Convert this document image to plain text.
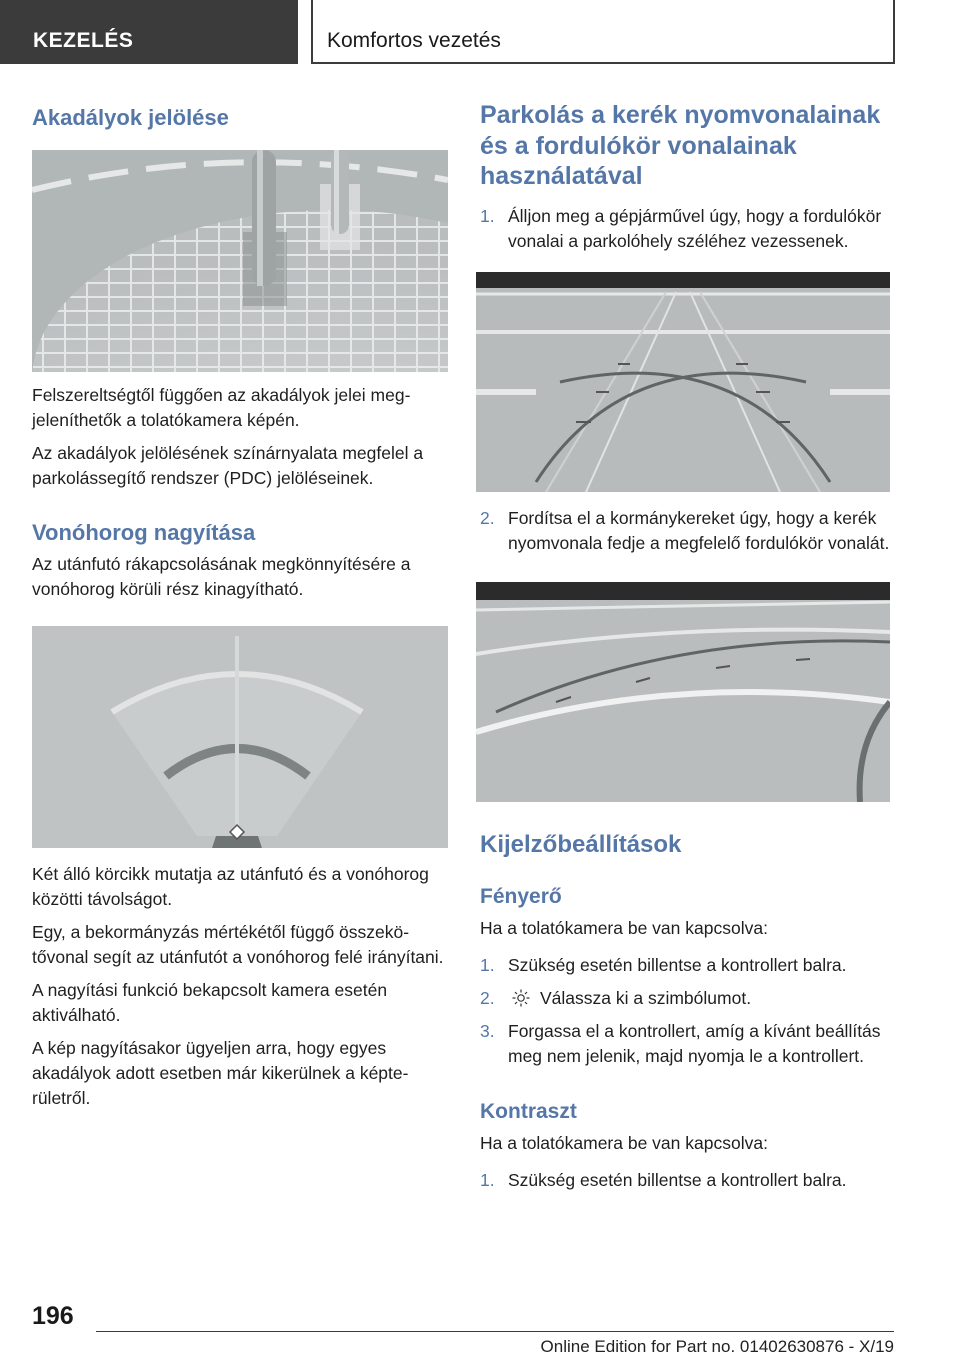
KEZELÉS	Komfortos vezetés
Akadályok jelölése

Felszereltségtől függően az akadályok jelei megjeleníthetők a tolatókamera képén.

Az akadályok jelölésének színárnyalata megfelel a parkolássegítő rendszer (PDC) jelöléseinek.

Vonóhorog nagyítása

Az utánfutó rákapcsolásának megkönnyítésére a vonóhorog körüli rész kinagyítható.

Két álló körcikk mutatja az utánfutó és a vonóhorog közötti távolságot.

Egy, a bekormányzás mértékétől függő összekötővonal segít az utánfutót a vonóhorog felé irányítani.

A nagyítási funkció bekapcsolt kamera esetén aktiválható.

A kép nagyításakor ügyeljen arra, hogy egyes akadályok adott esetben már kikerülnek a képterületről.

Parkolás a kerék nyomvonalainak és a fordulókör vonalainak használatával
1. Álljon meg a gépjárművel úgy, hogy a fordulókör vonalai a parkolóhely széléhez vezessenek.
2. Fordítsa el a kormánykereket úgy, hogy a kerék nyomvonala fedje a megfelelő fordulókör vonalát.
Kijelzőbeállítások
Fényerő

Ha a tolatókamera be van kapcsolva:

1. Szükség esetén billentse a kontrollert balra.
2.	Válassza ki a szimbólumot.
3. Forgassa el a kontrollert, amíg a kívánt beállítás meg nem jelenik, majd nyomja le a kontrollert.
Kontraszt

Ha a tolatókamera be van kapcsolva:

1. Szükség esetén billentse a kontrollert balra.
196
Online Edition for Part no. 01402630876 - X/19
